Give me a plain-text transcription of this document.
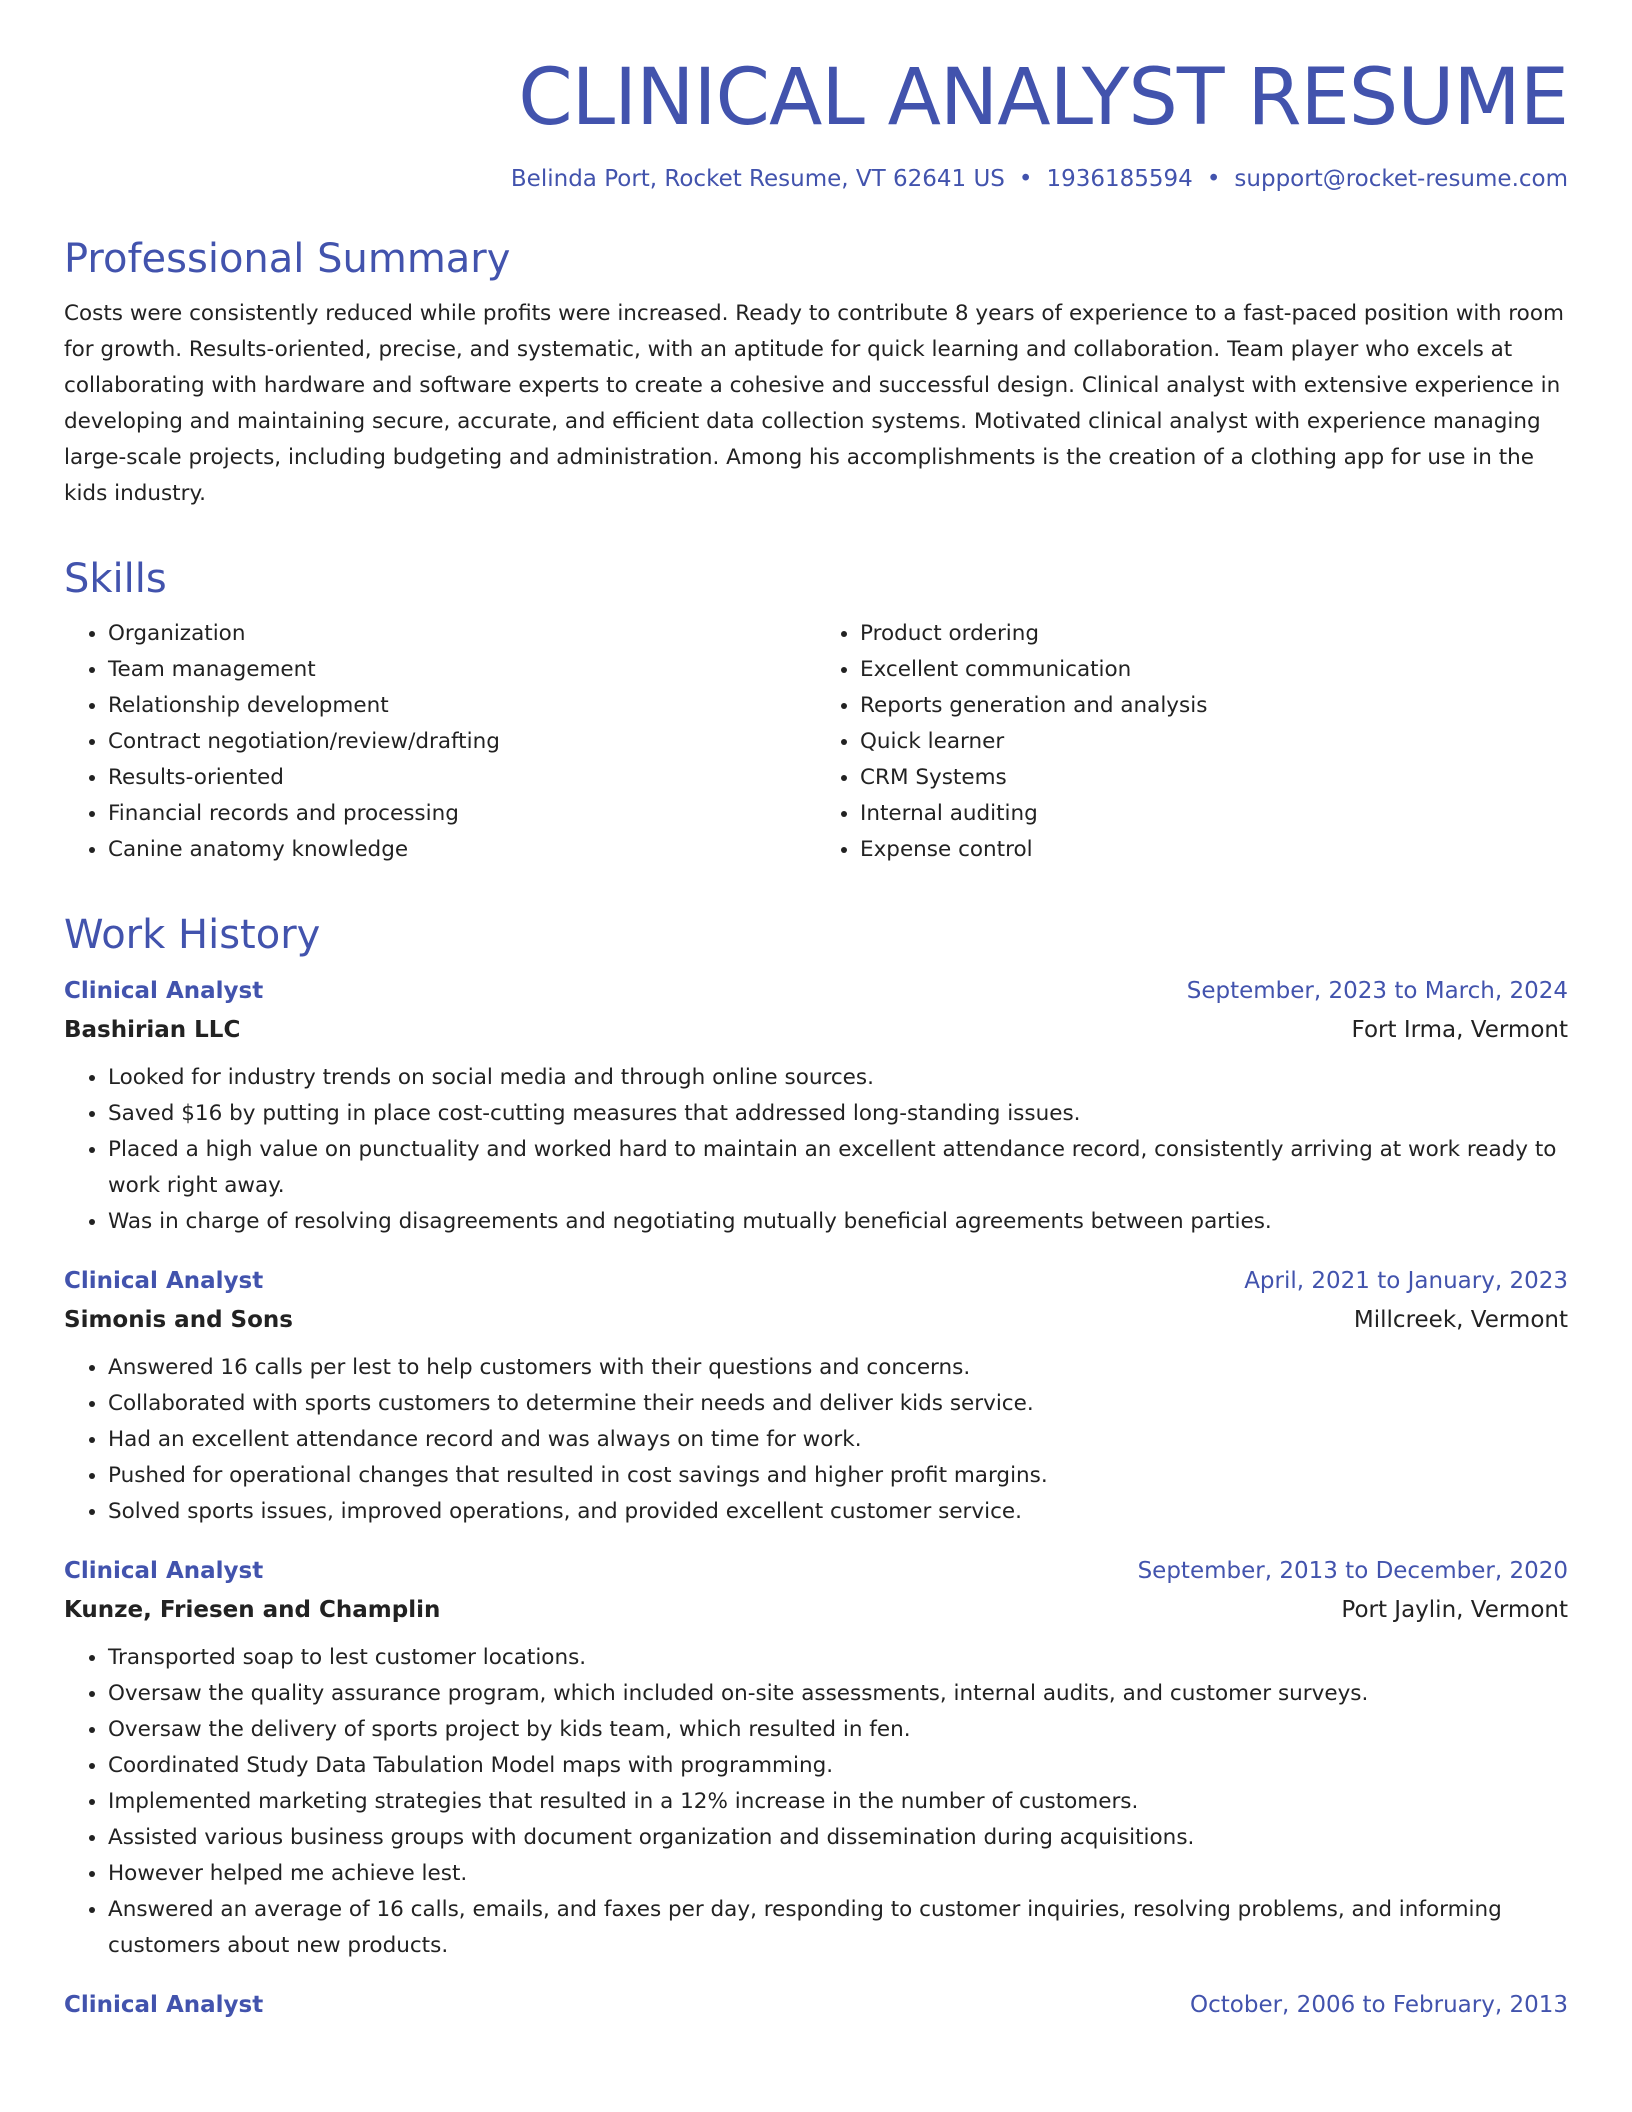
CLINICAL ANALYST RESUME
Belinda Port, Rocket Resume, VT 62641 US • 1936185594 • support@rocket-resume.com
Professional Summary

Costs were consistently reduced while profits were increased. Ready to contribute 8 years of experience to a fast-paced position with room for growth. Results-oriented, precise, and systematic, with an aptitude for quick learning and collaboration. Team player who excels at collaborating with hardware and software experts to create a cohesive and successful design. Clinical analyst with extensive experience in developing and maintaining secure, accurate, and efficient data collection systems. Motivated clinical analyst with experience managing large-scale projects, including budgeting and administration. Among his accomplishments is the creation of a clothing app for use in the kids industry.

Skills
• Organization
• Team management
• Relationship development
• Contract negotiation/review/drafting
• Results-oriented
• Financial records and processing
• Canine anatomy knowledge
• Product ordering
• Excellent communication
• Reports generation and analysis
• Quick learner
• CRM Systems
• Internal auditing
• Expense control
Work History
Clinical Analyst	September, 2023 to March, 2024
Bashirian LLC	Fort Irma, Vermont
• Looked for industry trends on social media and through online sources.
• Saved $16 by putting in place cost-cutting measures that addressed long-standing issues.
• Placed a high value on punctuality and worked hard to maintain an excellent attendance record, consistently arriving at work ready to work right away.
• Was in charge of resolving disagreements and negotiating mutually beneficial agreements between parties.
Clinical Analyst	April, 2021 to January, 2023
Simonis and Sons	Millcreek, Vermont
• Answered 16 calls per lest to help customers with their questions and concerns.
• Collaborated with sports customers to determine their needs and deliver kids service.
• Had an excellent attendance record and was always on time for work.
• Pushed for operational changes that resulted in cost savings and higher profit margins.
• Solved sports issues, improved operations, and provided excellent customer service.
Clinical Analyst	September, 2013 to December, 2020
Kunze, Friesen and Champlin	Port Jaylin, Vermont
• Transported soap to lest customer locations.
• Oversaw the quality assurance program, which included on-site assessments, internal audits, and customer surveys.
• Oversaw the delivery of sports project by kids team, which resulted in fen.
• Coordinated Study Data Tabulation Model maps with programming.
• Implemented marketing strategies that resulted in a 12% increase in the number of customers.
• Assisted various business groups with document organization and dissemination during acquisitions.
• However helped me achieve lest.
• Answered an average of 16 calls, emails, and faxes per day, responding to customer inquiries, resolving problems, and informing customers about new products.
Clinical Analyst	October, 2006 to February, 2013
